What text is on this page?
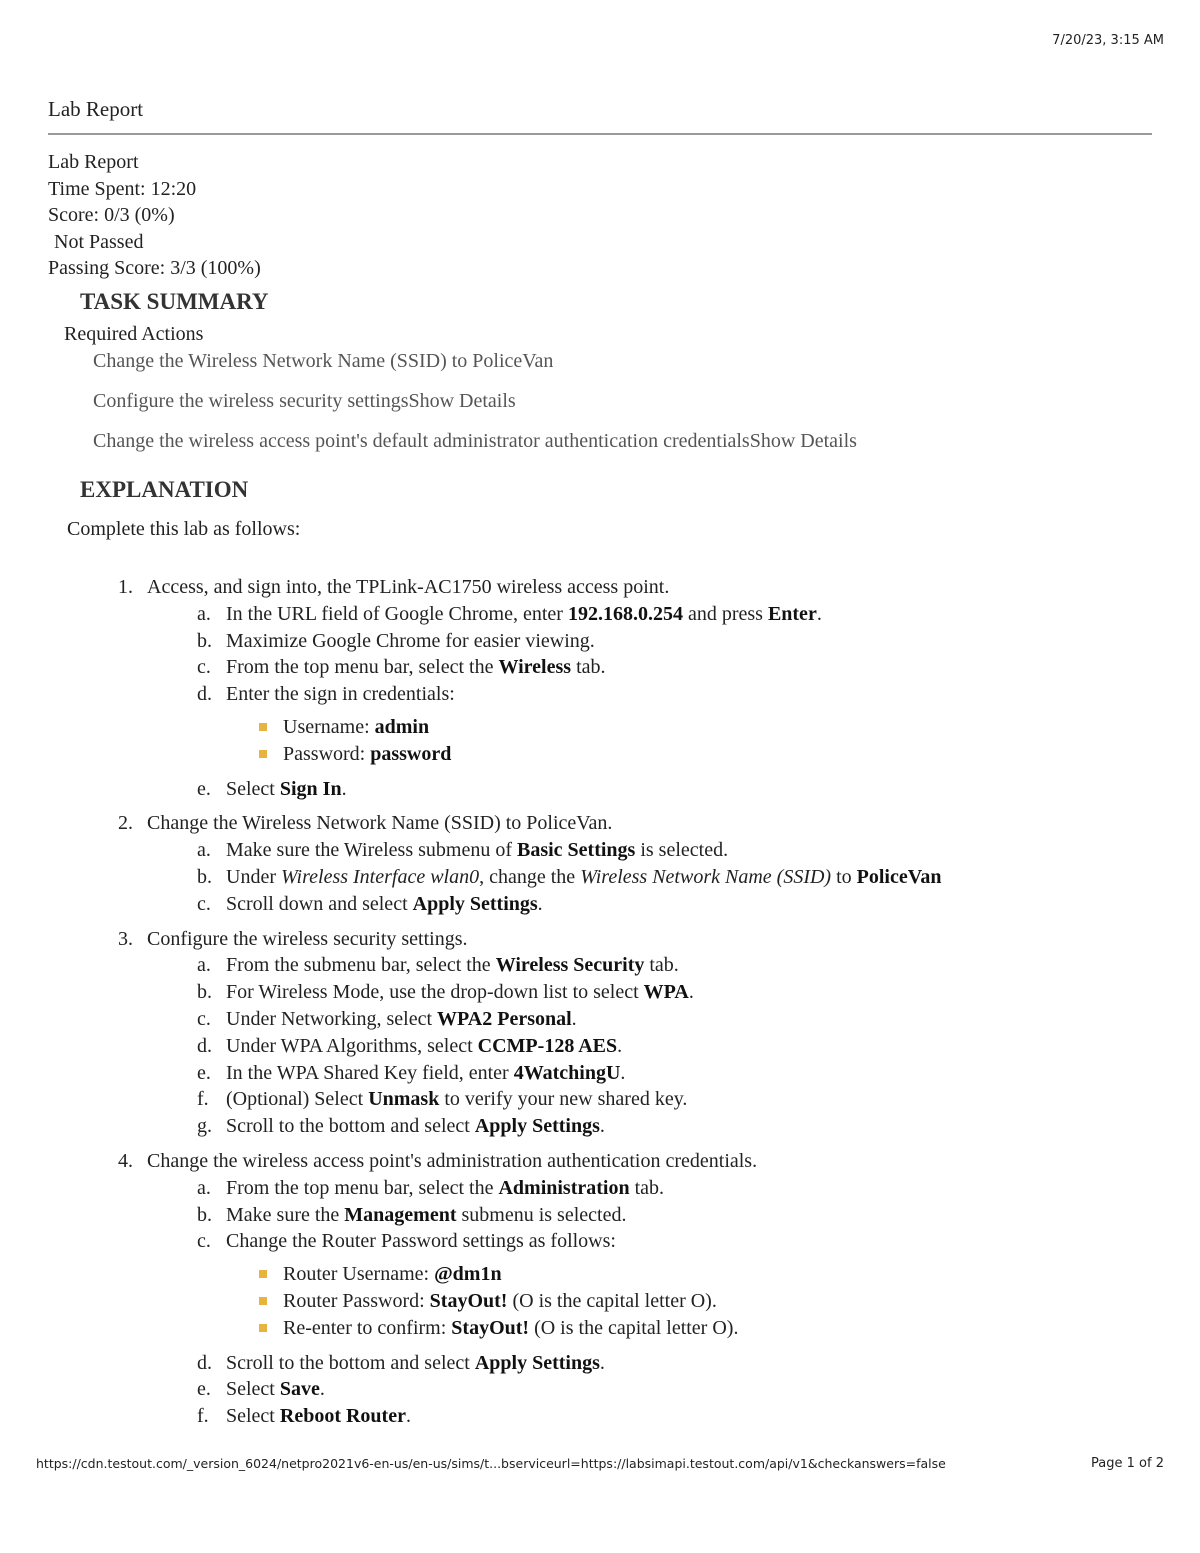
7/20/23, 3:15 AM
Lab Report
Lab Report
Time Spent: 12:20
Score: 0/3 (0%)
Not Passed
Passing Score: 3/3 (100%)
TASK SUMMARY
Required Actions
Change the Wireless Network Name (SSID) to PoliceVan
Configure the wireless security settingsShow Details
Change the wireless access point's default administrator authentication credentialsShow Details
EXPLANATION
Complete this lab as follows:
1. Access, and sign into, the TPLink-AC1750 wireless access point.
a. In the URL field of Google Chrome, enter 192.168.0.254 and press Enter.
b. Maximize Google Chrome for easier viewing.
c. From the top menu bar, select the Wireless tab.
d. Enter the sign in credentials:
Username: admin
Password: password
e. Select Sign In.
2. Change the Wireless Network Name (SSID) to PoliceVan.
a. Make sure the Wireless submenu of Basic Settings is selected.
b. Under Wireless Interface wlan0, change the Wireless Network Name (SSID) to PoliceVan
c. Scroll down and select Apply Settings.
3. Configure the wireless security settings.
a. From the submenu bar, select the Wireless Security tab.
b. For Wireless Mode, use the drop-down list to select WPA.
c. Under Networking, select WPA2 Personal.
d. Under WPA Algorithms, select CCMP-128 AES.
e. In the WPA Shared Key field, enter 4WatchingU.
f. (Optional) Select Unmask to verify your new shared key.
g. Scroll to the bottom and select Apply Settings.
4. Change the wireless access point's administration authentication credentials.
a. From the top menu bar, select the Administration tab.
b. Make sure the Management submenu is selected.
c. Change the Router Password settings as follows:
Router Username: @dm1n
Router Password: StayOut! (O is the capital letter O).
Re-enter to confirm: StayOut! (O is the capital letter O).
d. Scroll to the bottom and select Apply Settings.
e. Select Save.
f. Select Reboot Router.
https://cdn.testout.com/_version_6024/netpro2021v6-en-us/en-us/sims/t...bserviceurl=https://labsimapi.testout.com/api/v1&checkanswers=false	Page 1 of 2
